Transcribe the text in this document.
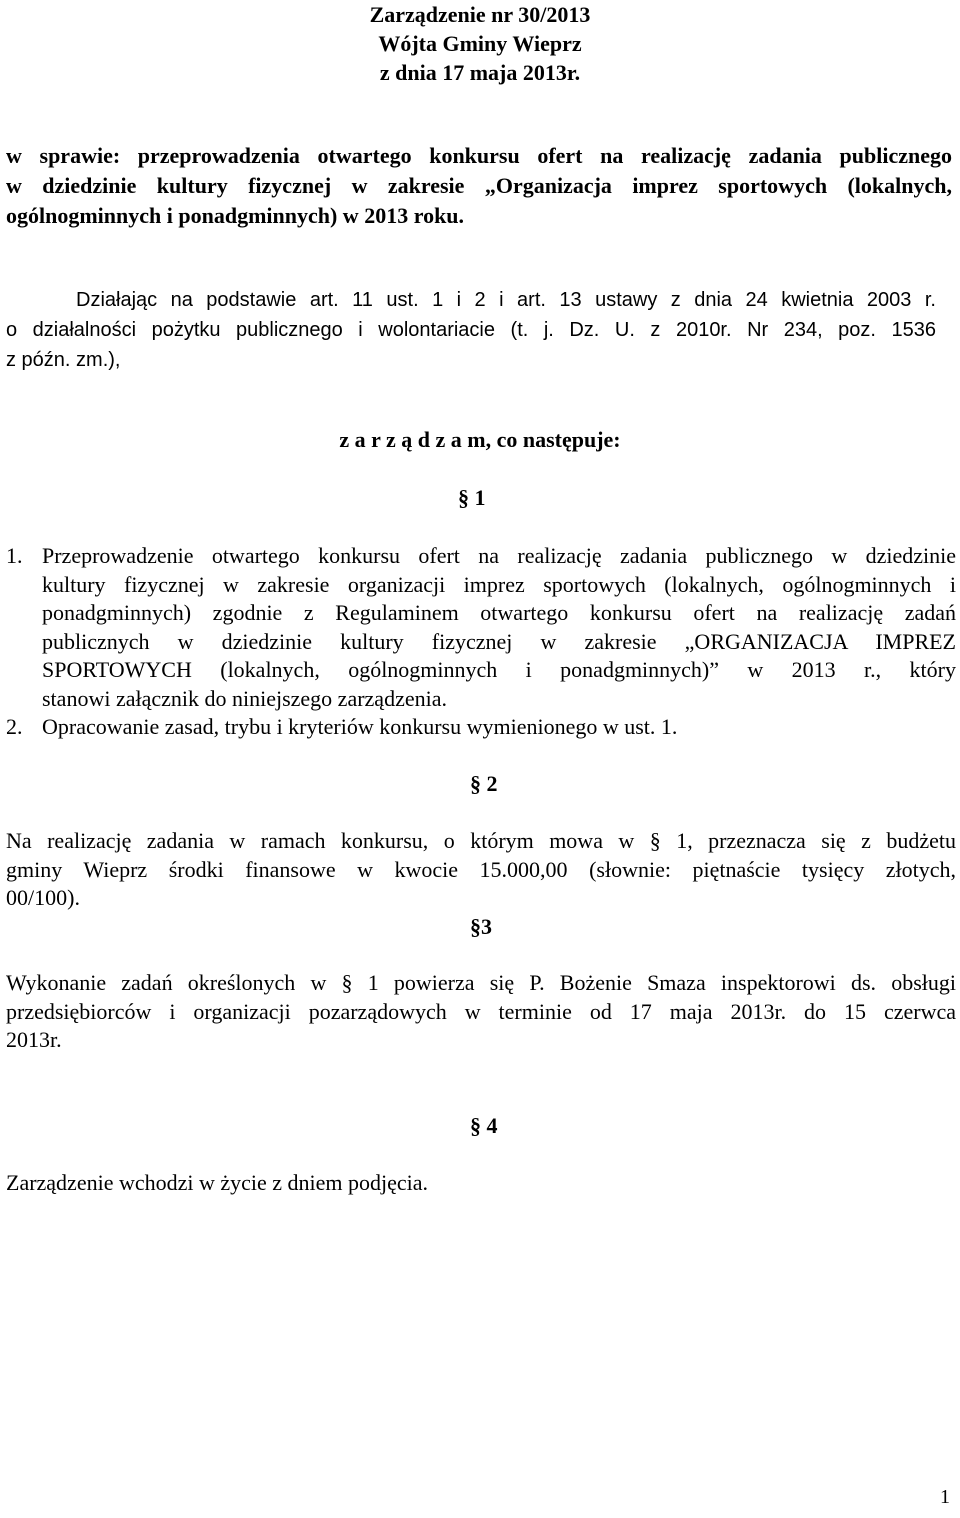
Zarządzenie nr 30/2013
Wójta Gminy Wieprz
z dnia 17 maja 2013r.
w sprawie: przeprowadzenia otwartego konkursu ofert na realizację zadania publicznego
w dziedzinie kultury fizycznej w zakresie „Organizacja imprez sportowych (lokalnych,
ogólnogminnych i ponadgminnych) w 2013 roku.
Działając na podstawie art. 11 ust. 1 i 2 i art. 13 ustawy z dnia 24 kwietnia 2003 r.
o działalności pożytku publicznego i wolontariacie (t. j. Dz. U. z 2010r. Nr 234, poz. 1536
z późn. zm.),
z a r z ą d z a m, co następuje:
§ 1
1. Przeprowadzenie otwartego konkursu ofert na realizację zadania publicznego w dziedzinie
kultury fizycznej w zakresie organizacji imprez sportowych (lokalnych, ogólnogminnych i
ponadgminnych) zgodnie z Regulaminem otwartego konkursu ofert na realizację zadań
publicznych w dziedzinie kultury fizycznej w zakresie „ORGANIZACJA IMPREZ
SPORTOWYCH (lokalnych, ogólnogminnych i ponadgminnych)” w 2013 r., który
stanowi załącznik do niniejszego zarządzenia.
2. Opracowanie zasad, trybu i kryteriów konkursu wymienionego w ust. 1.
§ 2
Na realizację zadania w ramach konkursu, o którym mowa w § 1, przeznacza się z budżetu
gminy Wieprz środki finansowe w kwocie 15.000,00 (słownie: piętnaście tysięcy złotych,
00/100).
§3
Wykonanie zadań określonych w § 1 powierza się P. Bożenie Smaza inspektorowi ds. obsługi
przedsiębiorców i organizacji pozarządowych w terminie od 17 maja 2013r. do 15 czerwca
2013r.
§ 4
Zarządzenie wchodzi w życie z dniem podjęcia.
1
